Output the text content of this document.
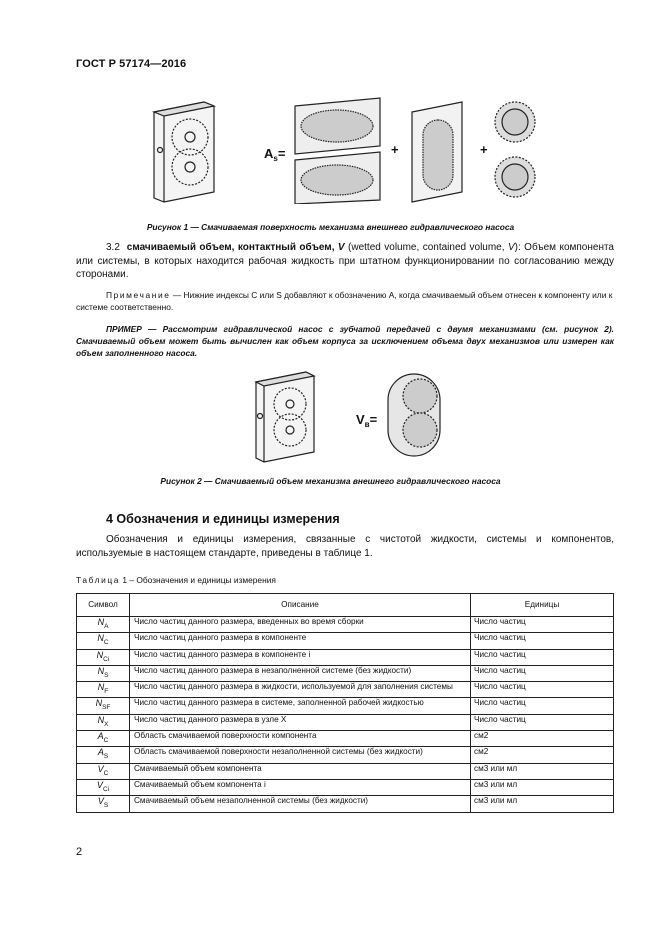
ГОСТ Р 57174—2016
$A_s=$	+	+
Рисунок 1 — Смачиваемая поверхность механизма внешнего гидравлического насоса
3.2 смачиваемый объем, контактный объем, V (wetted volume, contained volume, V): Объем компонента или системы, в которых находится рабочая жидкость при штатном функционировании по согласованию между сторонами.
Примечание — Нижние индексы С или S добавляют к обозначению А, когда смачиваемый объем отнесен к компоненту или к системе соответственно.
ПРИМЕР — Рассмотрим гидравлической насос с зубчатой передачей с двумя механизмами (см. рисунок 2). Смачиваемый объем может быть вычислен как объем корпуса за исключением объема двух механизмов или измерен как объем заполненного насоса.
$V_в=$
Рисунок 2 — Смачиваемый объем механизма внешнего гидравлического насоса
4 Обозначения и единицы измерения
Обозначения и единицы измерения, связанные с чистотой жидкости, системы и компонентов, используемые в настоящем стандарте, приведены в таблице 1.
Таблица 1 – Обозначения и единицы измерения
Символ	Описание	Единицы
$N_A$	Число частиц данного размера, введенных во время сборки	Число частиц
$N_C$	Число частиц данного размера в компоненте	Число частиц
$N_{Ci}$	Число частиц данного размера в компоненте i	Число частиц
$N_S$	Число частиц данного размера в незаполненной системе (без жидкости)	Число частиц
$N_F$	Число частиц данного размера в жидкости, используемой для заполнения системы	Число частиц
$N_{SF}$	Число частиц данного размера в системе, заполненной рабочей жидкостью	Число частиц
$N_X$	Число частиц данного размера в узле X	Число частиц
$A_C$	Область смачиваемой поверхности компонента	см2
$A_S$	Область смачиваемой поверхности незаполненной системы (без жидкости)	см2
$V_C$	Смачиваемый объем компонента	см3 или мл
$V_{Ci}$	Смачиваемый объем компонента i	см3 или мл
$V_S$	Смачиваемый объем незаполненной системы (без жидкости)	см3 или мл
2
